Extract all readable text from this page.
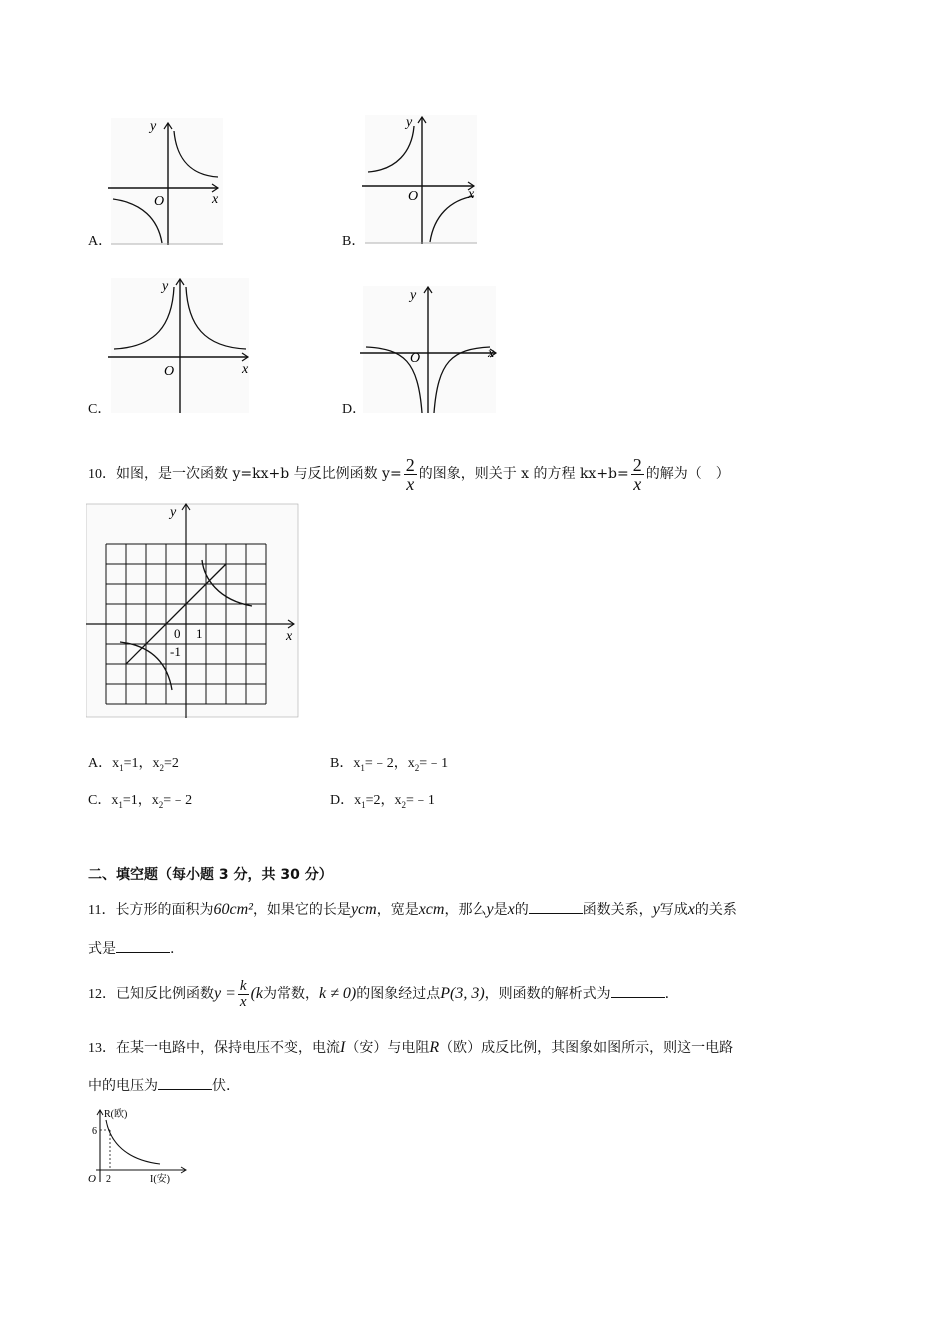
y
x
O
A．
y
x
O
B．
y
x
O
C．
y
x
O
D．
10．如图，是一次函数 y=kx+b 与反比例函数 $y= \frac{2}{x}$ 的图象，则关于 x 的方程 $kx+b= \frac{2}{x}$ 的解为（　）
y
x
0 1
-1
A．$x_1=1$，$x_2=2$	B．$x_1=﹣2$，$x_2=﹣1$
C．$x_1=1$，$x_2=﹣2$	D．$x_1=2$，$x_2=﹣1$
二、填空题（每小题 3 分，共 30 分）
11．长方形的面积为60cm²，如果它的长是ycm，宽是xcm，那么y是x的	函数关系，y写成x的关系
式是	.
12．已知反比例函数$y = \frac{k}{x} (k$为常数，k ≠ 0)的图象经过点P(3, 3)，则函数的解析式为	.
13．在某一电路中，保持电压不变，电流I（安）与电阻R（欧）成反比例，其图象如图所示，则这一电路
中的电压为	伏.
R(欧)
6
O 2	I(安)
